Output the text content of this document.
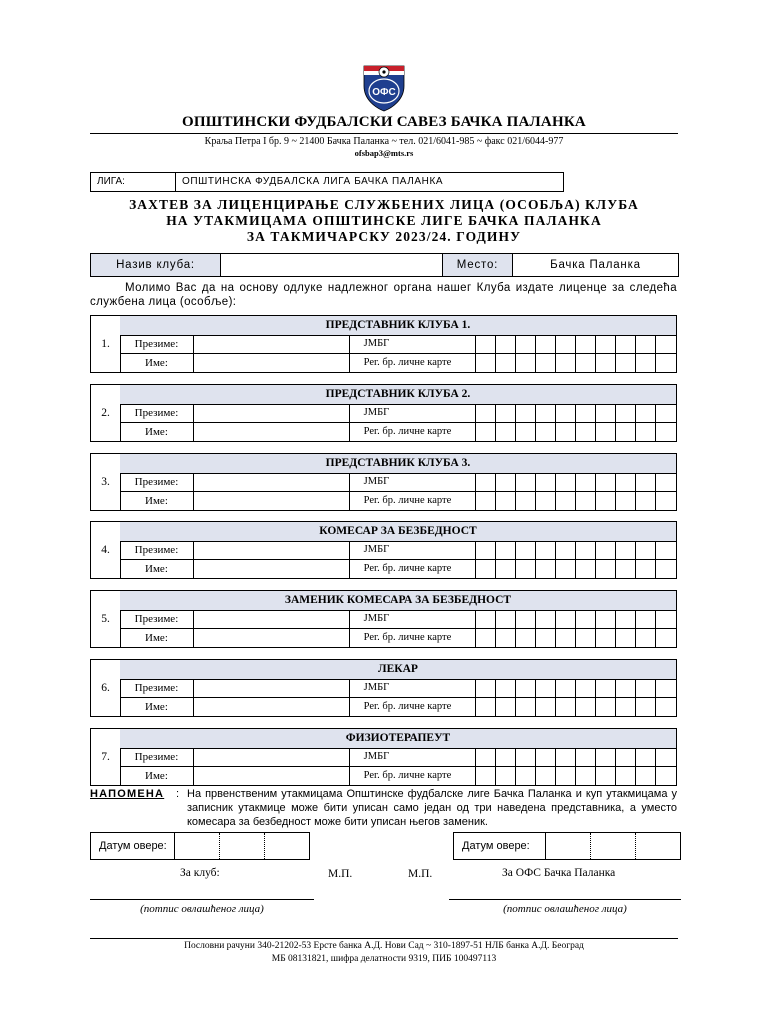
ОФС
ОПШТИНСКИ ФУДБАЛСКИ САВЕЗ БАЧКА ПАЛАНКА
Краља Петра I бр. 9 ~ 21400 Бачка Паланка ~ тел. 021/6041-985 ~ факс 021/6044-977
ofsbap3@mts.rs
ЛИГА:	ОПШТИНСКА ФУДБАЛСКА ЛИГА БАЧКА ПАЛАНКА
ЗАХТЕВ ЗА ЛИЦЕНЦИРАЊЕ СЛУЖБЕНИХ ЛИЦА (ОСОБЉА) КЛУБА
НА УТАКМИЦАМА ОПШТИНСКЕ ЛИГЕ БАЧКА ПАЛАНКА
ЗА ТАКМИЧАРСКУ 2023/24. ГОДИНУ
Назив клуба:	Место:	Бачка Паланка
Молимо Вас да на основу одлуке надлежног органа нашег Клуба издате лиценце за следећа службена лица (особље):
1.
ПРЕДСТАВНИК КЛУБА 1.
Презиме:	ЈМБГ
Име:	Рег. бр. личне карте
2.
ПРЕДСТАВНИК КЛУБА 2.
Презиме:	ЈМБГ
Име:	Рег. бр. личне карте
3.
ПРЕДСТАВНИК КЛУБА 3.
Презиме:	ЈМБГ
Име:	Рег. бр. личне карте
4.
КОМЕСАР ЗА БЕЗБЕДНОСТ
Презиме:	ЈМБГ
Име:	Рег. бр. личне карте
5.
ЗАМЕНИК КОМЕСАРА ЗА БЕЗБЕДНОСТ
Презиме:	ЈМБГ
Име:	Рег. бр. личне карте
6.
ЛЕКАР
Презиме:	ЈМБГ
Име:	Рег. бр. личне карте
7.
ФИЗИОТЕРАПЕУТ
Презиме:	ЈМБГ
Име:	Рег. бр. личне карте
НАПОМЕНА : На првенственим утакмицама Општинске фудбалске лиге Бачка Паланка и куп утакмицама у записник утакмице може бити уписан само један од три наведена представника, а уместо комесара за безбедност може бити уписан његов заменик.
Датум овере:	Датум овере:
За клуб:	М.П.	М.П.	За ОФС Бачка Паланка
(потпис овлашћеног лица)	(потпис овлашћеног лица)
Пословни рачуни 340-21202-53 Ерсте банка А.Д. Нови Сад ~ 310-1897-51 НЛБ банка А.Д. Београд
МБ 08131821, шифра делатности 9319, ПИБ 100497113
